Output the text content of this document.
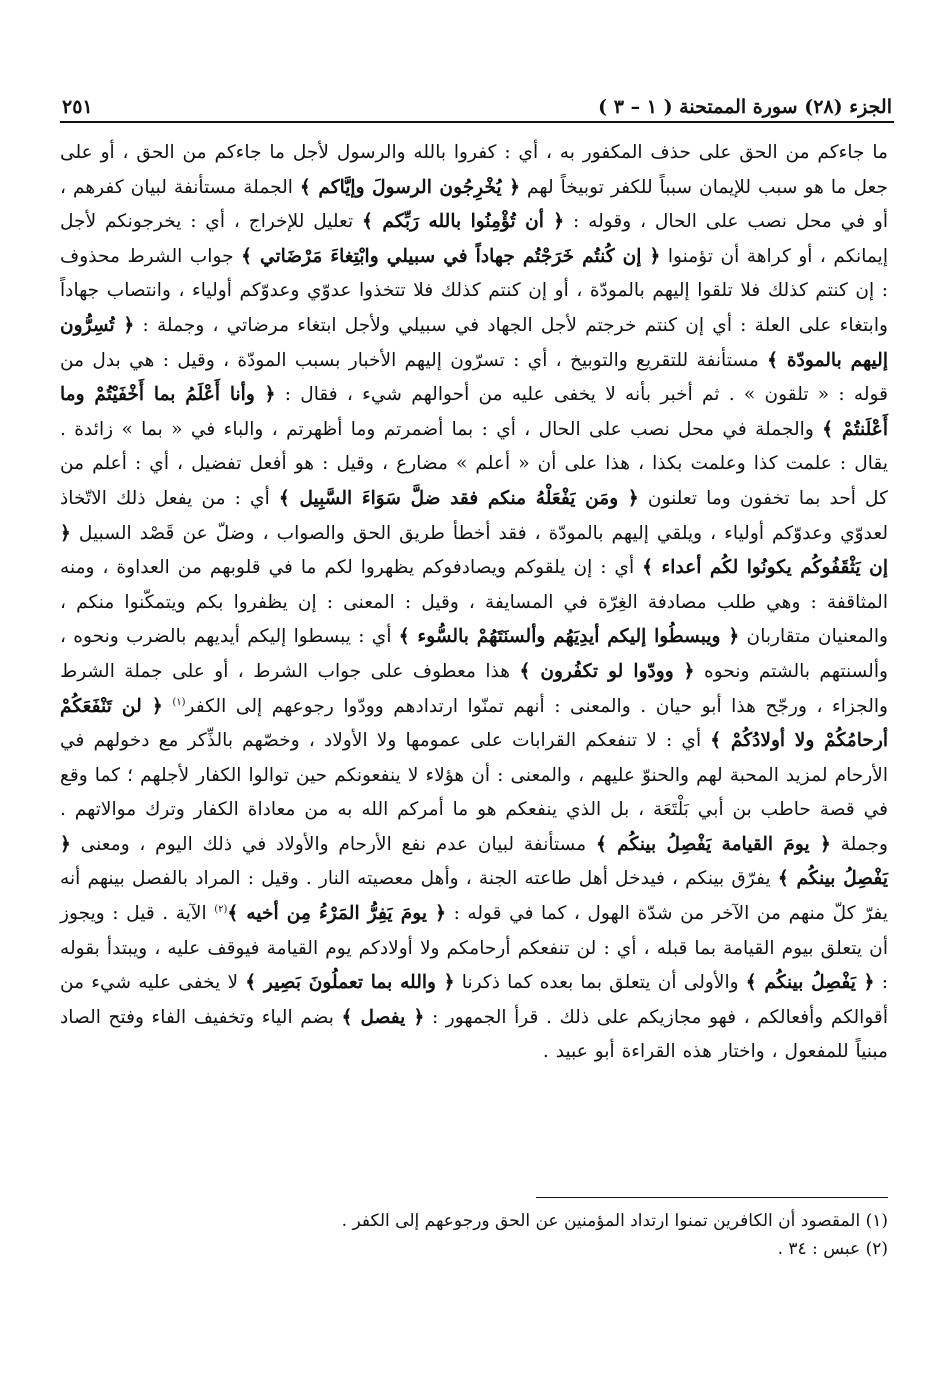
الجزء (٢٨) سورة الممتحنة ( ١ – ٣ )
٢٥١

ما جاءكم من الحق على حذف المكفور به ، أي : كفروا بالله والرسول لأجل ما جاءكم من الحق ، أو على جعل ما هو سبب للإيمان سبباً للكفر توبيخاً لهم ﴿ يُخْرِجُون الرسولَ وإيَّاكم ﴾ الجملة مستأنفة لبيان كفرهم ، أو في محل نصب على الحال ، وقوله : ﴿ أن تُؤْمِنُوا بالله رَبِّكم ﴾ تعليل للإخراج ، أي : يخرجونكم لأجل إيمانكم ، أو كراهة أن تؤمنوا ﴿ إن كُنتُم خَرَجْتُم جهاداً في سبيلي وابْتِغاءَ مَرْضَاتي ﴾ جواب الشرط محذوف : إن كنتم كذلك فلا تلقوا إليهم بالمودّة ، أو إن كنتم كذلك فلا تتخذوا عدوّي وعدوّكم أولياء ، وانتصاب جهاداً وابتغاء على العلة : أي إن كنتم خرجتم لأجل الجهاد في سبيلي ولأجل ابتغاء مرضاتي ، وجملة : ﴿ تُسِرُّون إليهم بالمودّة ﴾ مستأنفة للتقريع والتوبيخ ، أي : تسرّون إليهم الأخبار بسبب المودّة ، وقيل : هي بدل من قوله : « تلقون » . ثم أخبر بأنه لا يخفى عليه من أحوالهم شيء ، فقال : ﴿ وأنا أَعْلَمُ بما أَخْفَيْتُمْ وما أَعْلَنتُمْ ﴾ والجملة في محل نصب على الحال ، أي : بما أضمرتم وما أظهرتم ، والباء في « بما » زائدة . يقال : علمت كذا وعلمت بكذا ، هذا على أن « أعلم » مضارع ، وقيل : هو أفعل تفضيل ، أي : أعلم من كل أحد بما تخفون وما تعلنون ﴿ ومَن يَفْعَلْهُ منكم فقد ضلَّ سَوَاءَ السَّبِيل ﴾ أي : من يفعل ذلك الاتّخاذ لعدوّي وعدوّكم أولياء ، ويلقي إليهم بالمودّة ، فقد أخطأ طريق الحق والصواب ، وضلّ عن قَصْد السبيل ﴿ إن يَثْقَفُوكُم يكونُوا لكُم أعداء ﴾ أي : إن يلقوكم ويصادفوكم يظهروا لكم ما في قلوبهم من العداوة ، ومنه المثاقفة : وهي طلب مصادفة الغِرّة في المسايفة ، وقيل : المعنى : إن يظفروا بكم ويتمكّنوا منكم ، والمعنيان متقاربان ﴿ ويبسطُوا إليكم أيدِيَهُم وألسنَتَهُمْ بالسُّوء ﴾ أي : يبسطوا إليكم أيديهم بالضرب ونحوه ، وألسنتهم بالشتم ونحوه ﴿ وودّوا لو تكفُرون ﴾ هذا معطوف على جواب الشرط ، أو على جملة الشرط والجزاء ، ورجّح هذا أبو حيان . والمعنى : أنهم تمنّوا ارتدادهم وودّوا رجوعهم إلى الكفر$^{(١)}$ ﴿ لن تَنْفَعَكُمْ أرحامُكُمْ ولا أولادُكُمْ ﴾ أي : لا تنفعكم القرابات على عمومها ولا الأولاد ، وخصّهم بالذِّكر مع دخولهم في الأرحام لمزيد المحبة لهم والحنوّ عليهم ، والمعنى : أن هؤلاء لا ينفعونكم حين توالوا الكفار لأجلهم ؛ كما وقع في قصة حاطب بن أبي بَلْتَعَة ، بل الذي ينفعكم هو ما أمركم الله به من معاداة الكفار وترك موالاتهم . وجملة ﴿ يومَ القيامة يَفْصِلُ بينكُم ﴾ مستأنفة لبيان عدم نفع الأرحام والأولاد في ذلك اليوم ، ومعنى ﴿ يَفْصِلُ بينكُم ﴾ يفرّق بينكم ، فيدخل أهل طاعته الجنة ، وأهل معصيته النار . وقيل : المراد بالفصل بينهم أنه يفرّ كلّ منهم من الآخر من شدّة الهول ، كما في قوله : ﴿ يومَ يَفِرُّ المَرْءُ مِن أخيه ﴾$^{(٢)}$ الآية . قيل : ويجوز أن يتعلق بيوم القيامة بما قبله ، أي : لن تنفعكم أرحامكم ولا أولادكم يوم القيامة فيوقف عليه ، ويبتدأ بقوله : ﴿ يَفْصِلُ بينكُم ﴾ والأولى أن يتعلق بما بعده كما ذكرنا ﴿ والله بما تعملُونَ بَصِير ﴾ لا يخفى عليه شيء من أقوالكم وأفعالكم ، فهو مجازيكم على ذلك . قرأ الجمهور : ﴿ يفصل ﴾ بضم الياء وتخفيف الفاء وفتح الصاد مبنياً للمفعول ، واختار هذه القراءة أبو عبيد .

(١) المقصود أن الكافرين تمنوا ارتداد المؤمنين عن الحق ورجوعهم إلى الكفر .
(٢) عبس : ٣٤ .
